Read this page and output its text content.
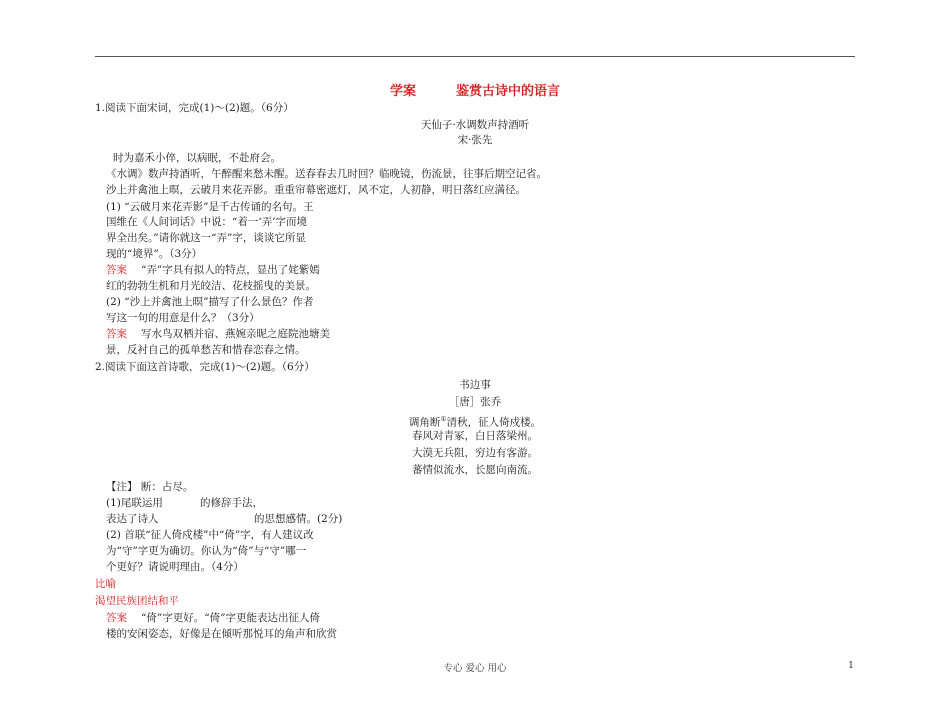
学案	鉴赏古诗中的语言
1.阅读下面宋词，完成(1)～(2)题。（6分）
天仙子·水调数声持酒听
宋·张先
时为嘉禾小倅，以病眠，不赴府会。
《水调》数声持酒听，午醉醒来愁未醒。送春春去几时回？临晚镜，伤流景，往事后期空记省。
沙上并禽池上暝，云破月来花弄影。重重帘幕密遮灯，风不定，人初静，明日落红应满径。
(1) “云破月来花弄影”是千古传诵的名句。王
国维在《人间词话》中说：“着一‘弄’字而境
界全出矣。”请你就这一“弄”字，谈谈它所显
现的“境界”。（3分）
答案 “弄”字具有拟人的特点，显出了姹紫嫣
红的勃勃生机和月光皎洁、花枝摇曳的美景。
(2) “沙上并禽池上暝”描写了什么景色？作者
写这一句的用意是什么？（3分）
答案 写水鸟双栖并宿、燕婉亲昵之庭院池塘美
景，反衬自己的孤单愁苦和惜春恋春之情。
2.阅读下面这首诗歌，完成(1)～(2)题。（6分）
书边事
［唐］张乔
调角断①清秋，征人倚戍楼。
春风对青冢，白日落梁州。
大漠无兵阻，穷边有客游。
蕃情似流水，长愿向南流。
【注】 断：占尽。
(1)尾联运用	的修辞手法，
表达了诗人	的思想感情。(2分)
(2) 首联“征人倚戍楼”中“倚”字，有人建议改
为“守”字更为确切。你认为“倚”与“守”哪一
个更好？请说明理由。（4分）
比喻
渴望民族团结和平
答案 “倚”字更好。“倚”字更能表达出征人倚
楼的安闲姿态，好像是在倾听那悦耳的角声和欣赏
专心 爱心 用心	1
